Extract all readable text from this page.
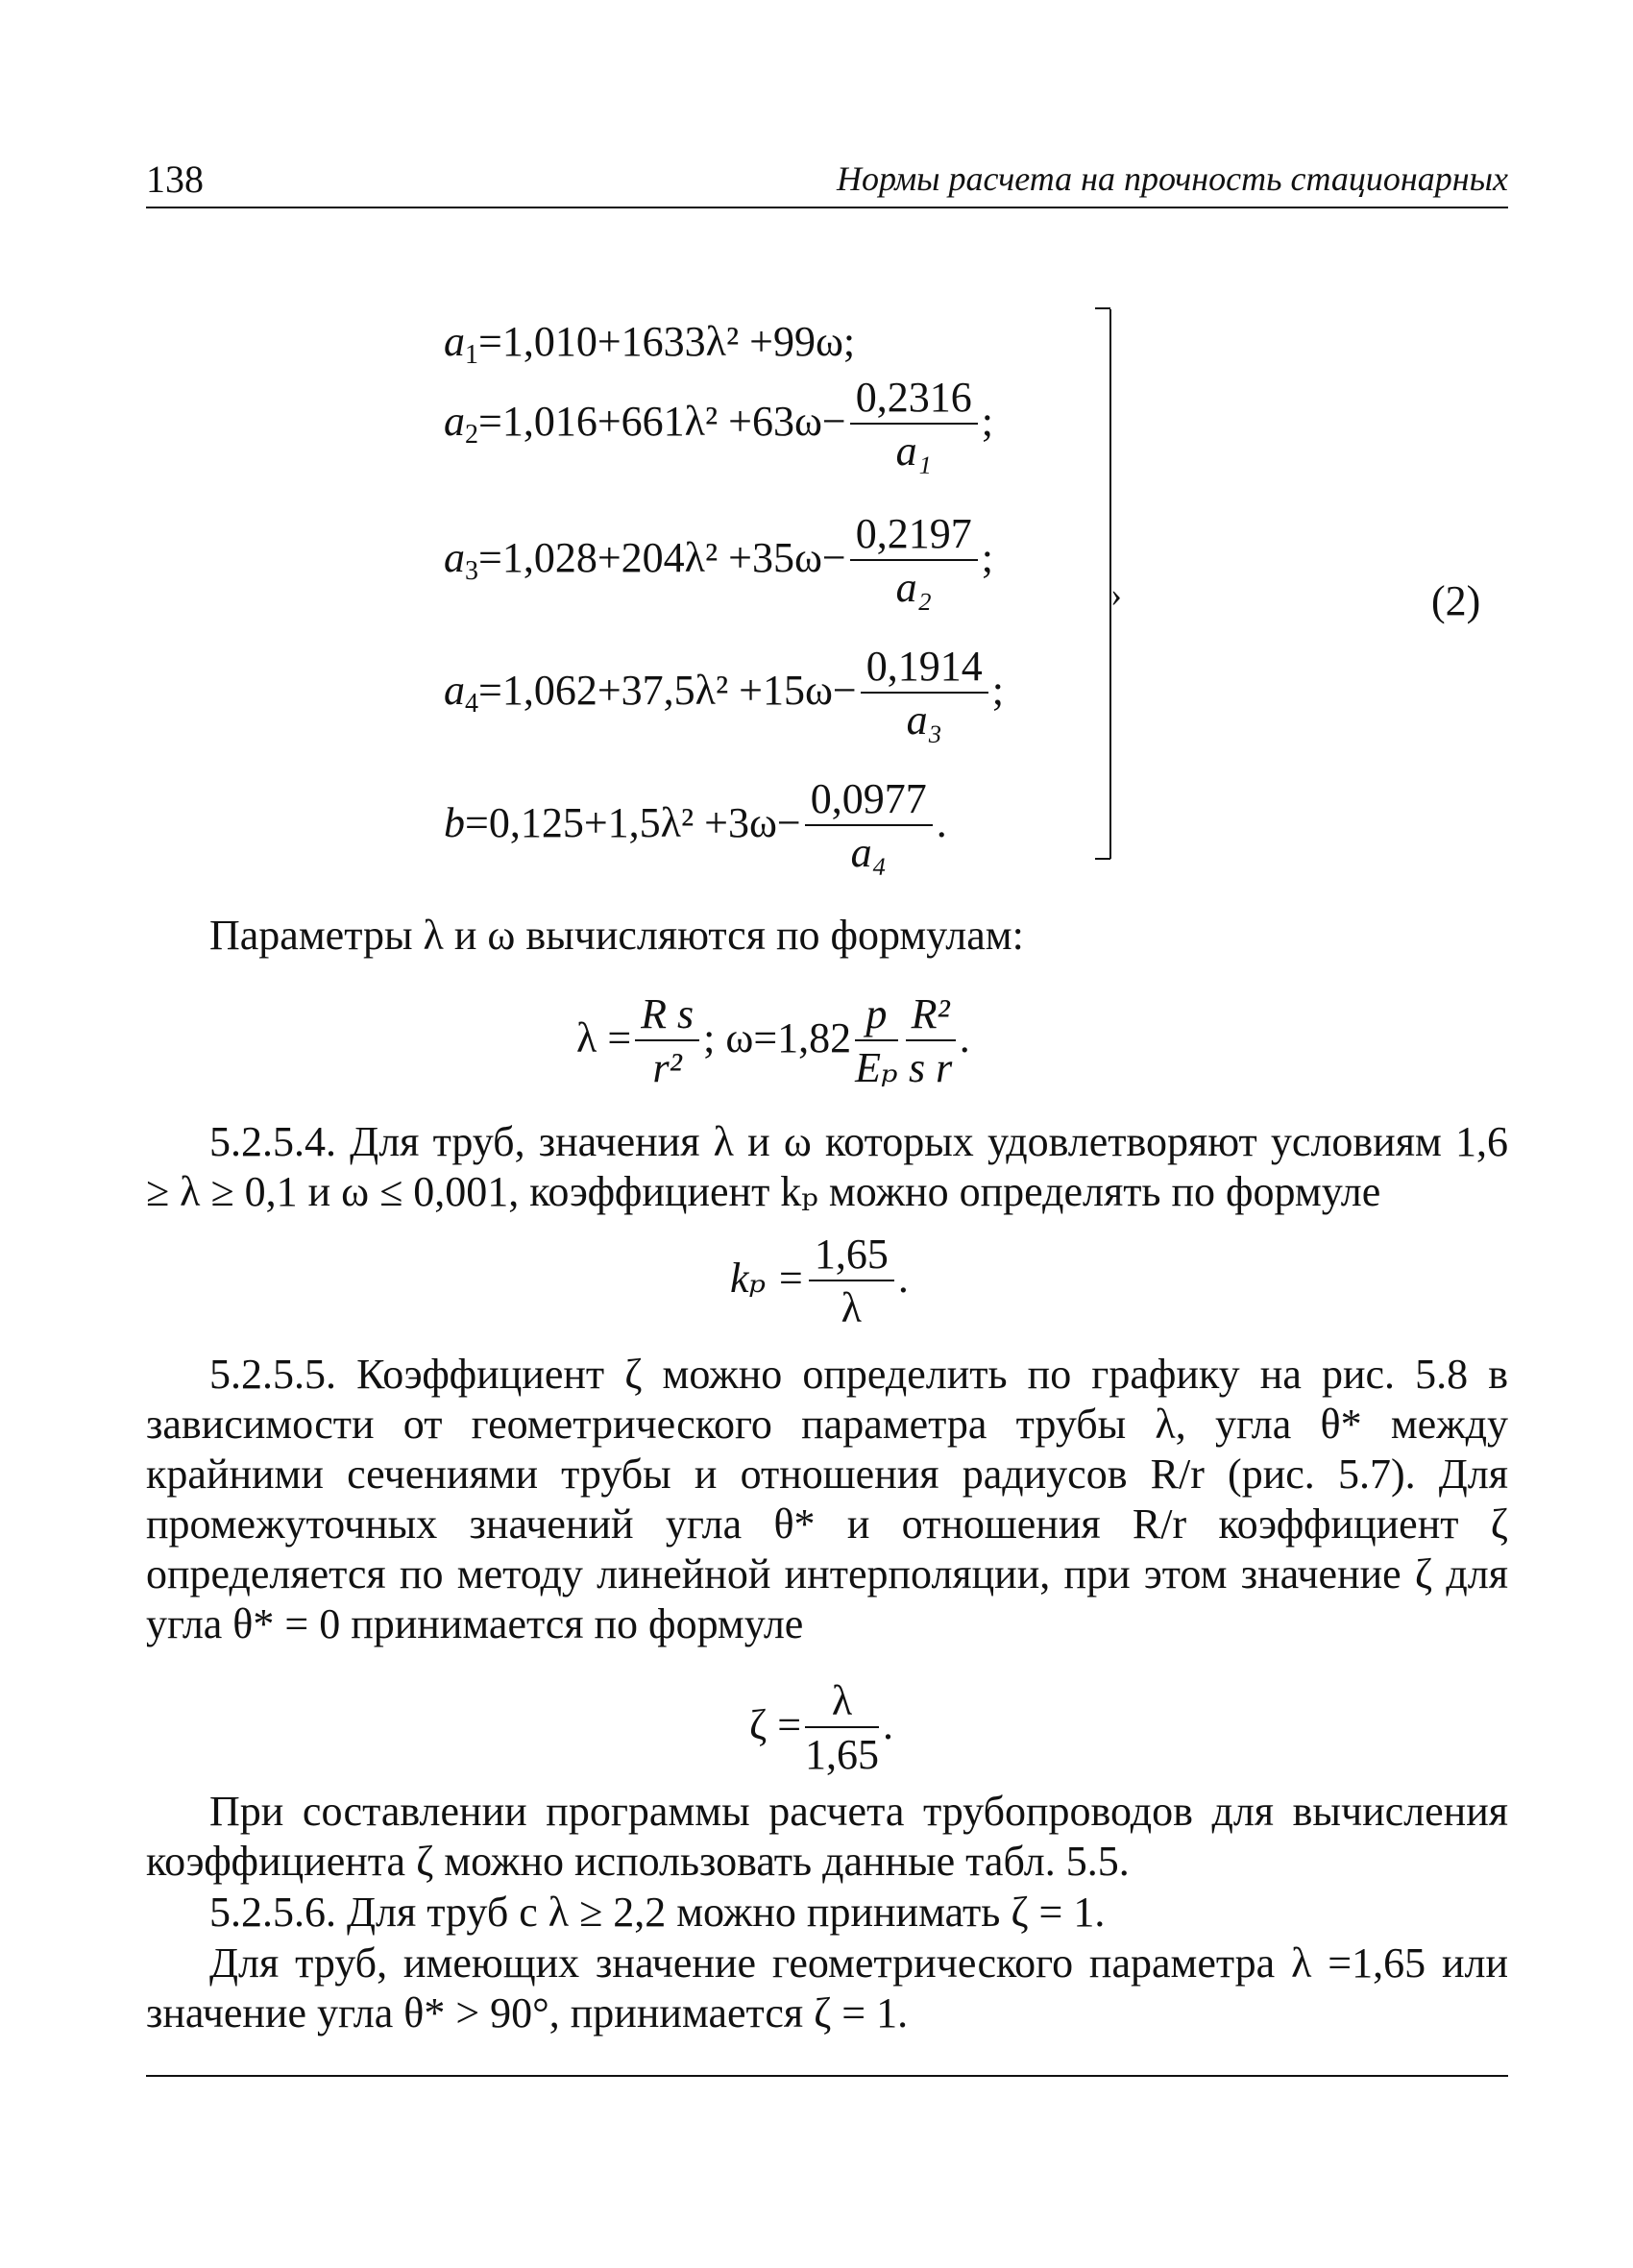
138	Нормы расчета на прочность стационарных
$a_1=1,010+1633\lambda^2 +99\omega$;
$a_2=1,016+661\lambda^2 +63\omega- \frac{0,2316}{\text{a₁}}$ ;
$a_3=1,028+204\lambda^2 +35\omega- \frac{0,2197}{\text{a₂}}$ ;
$a_4=1,062+37,5\lambda^2 +15\omega- \frac{0,1914}{\text{a₃}}$ ;
$b=0,125+1,5\lambda^2 +3\omega- \frac{0,0977}{\text{a₄}}$ .
›	(2)

Параметры λ и ω вычисляются по формулам:

$\lambda = \frac{\text{R s}}{\text{r²}}$ ; $\omega=1,82 \frac{p}{\text{Eₚ}} \frac{\text{R²}}{\text{s r}}$ .

5.2.5.4. Для труб, значения λ и ω которых удовлетворяют условиям 1,6 ≥ λ ≥ 0,1 и ω ≤ 0,001, коэффициент kₚ можно определять по формуле

$k_p = \frac{1,65}{\lambda}$ .

5.2.5.5. Коэффициент ζ можно определить по графику на рис. 5.8 в зависимости от геометрического параметра трубы λ, угла θ* между крайними сечениями трубы и отношения радиусов R/r (рис. 5.7). Для промежуточных значений угла θ* и отношения R/r коэффициент ζ определяется по методу линейной интерполяции, при этом значение ζ для угла θ* = 0 принимается по формуле

$\zeta = \frac{\lambda}{1,65}$ .

При составлении программы расчета трубопроводов для вычисления коэффициента ζ можно использовать данные табл. 5.5.

5.2.5.6. Для труб с λ ≥ 2,2 можно принимать ζ = 1.

Для труб, имеющих значение геометрического параметра λ =1,65 или значение угла θ* > 90°, принимается ζ = 1.
